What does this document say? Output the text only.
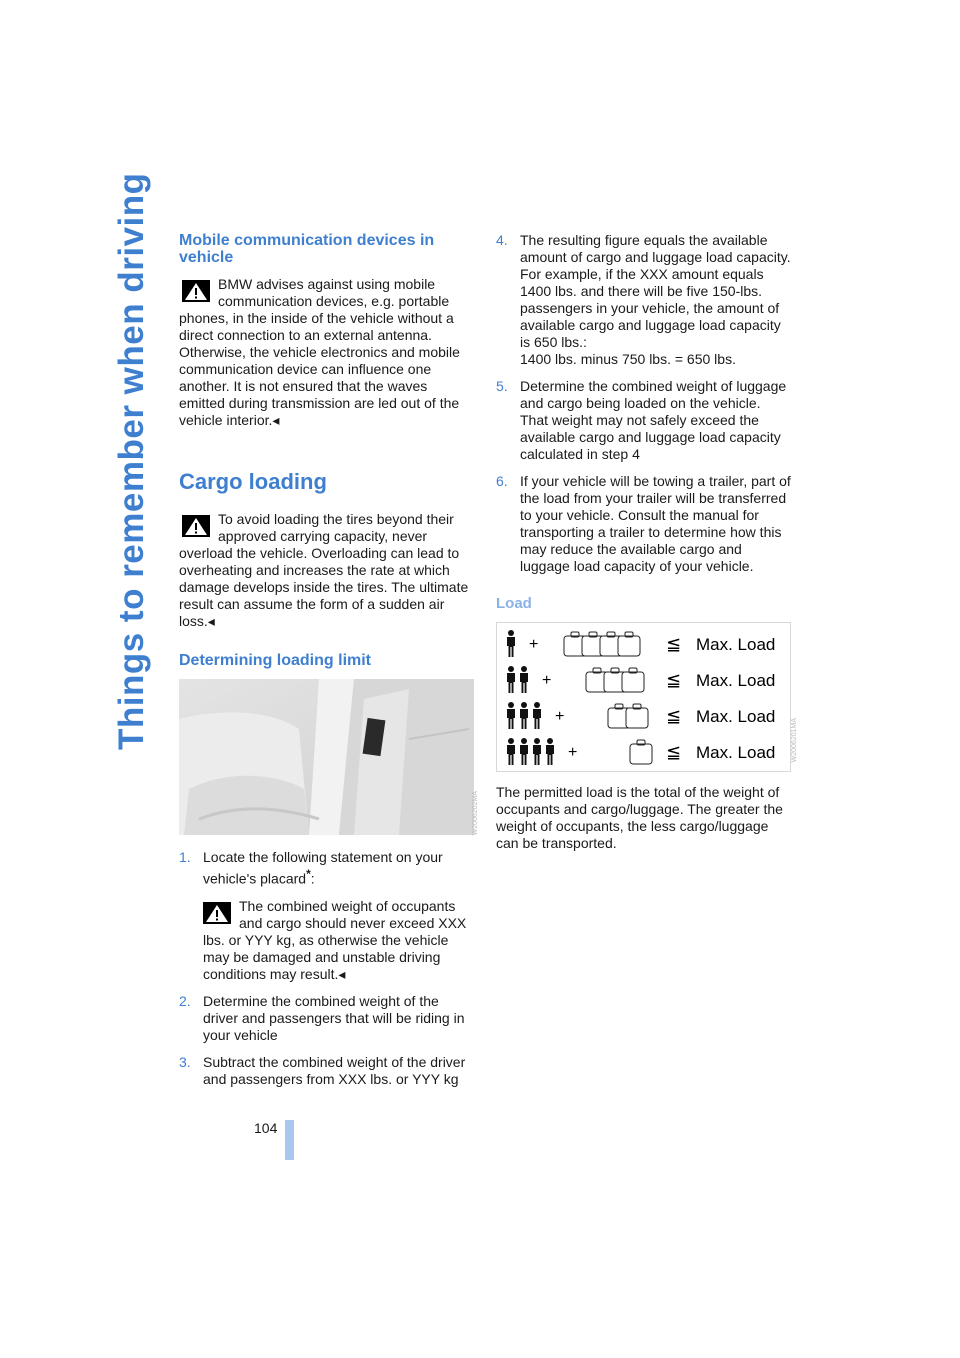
Things to remember when driving
104
Mobile communication devices in vehicle

BMW advises against using mobile communication devices, e.g. portable phones, in the inside of the vehicle without a direct connection to an external antenna. Otherwise, the vehicle electronics and mobile communication device can influence one another. It is not ensured that the waves emitted during transmission are led out of the vehicle interior.◂

Cargo loading

To avoid loading the tires beyond their approved carrying capacity, never overload the vehicle. Overloading can lead to overheating and increases the rate at which damage develops inside the tires. The ultimate result can assume the form of a sudden air loss.◂

Determining loading limit
W2006202MA
1. Locate the following statement on your vehicle's placard*:

The combined weight of occupants and cargo should never exceed XXX lbs. or YYY kg, as otherwise the vehicle may be damaged and unstable driving conditions may result.◂

2. Determine the combined weight of the driver and passengers that will be riding in your vehicle
3. Subtract the combined weight of the driver and passengers from XXX lbs. or YYY kg
4. The resulting figure equals the available amount of cargo and luggage load capacity.
For example, if the XXX amount equals 1400 lbs. and there will be five 150-lbs. passengers in your vehicle, the amount of available cargo and luggage load capacity is 650 lbs.:
1400 lbs. minus 750 lbs. = 650 lbs.
5. Determine the combined weight of luggage and cargo being loaded on the vehicle. That weight may not safely exceed the available cargo and luggage load capacity calculated in step 4
6. If your vehicle will be towing a trailer, part of the load from your trailer will be transferred to your vehicle. Consult the manual for transporting a trailer to determine how this may reduce the available cargo and luggage load capacity of your vehicle.
Load
+	≦ Max. Load
+	≦ Max. Load
+	≦ Max. Load
+	≦ Max. Load	W2006201MA

The permitted load is the total of the weight of occupants and cargo/luggage. The greater the weight of occupants, the less cargo/luggage can be transported.
